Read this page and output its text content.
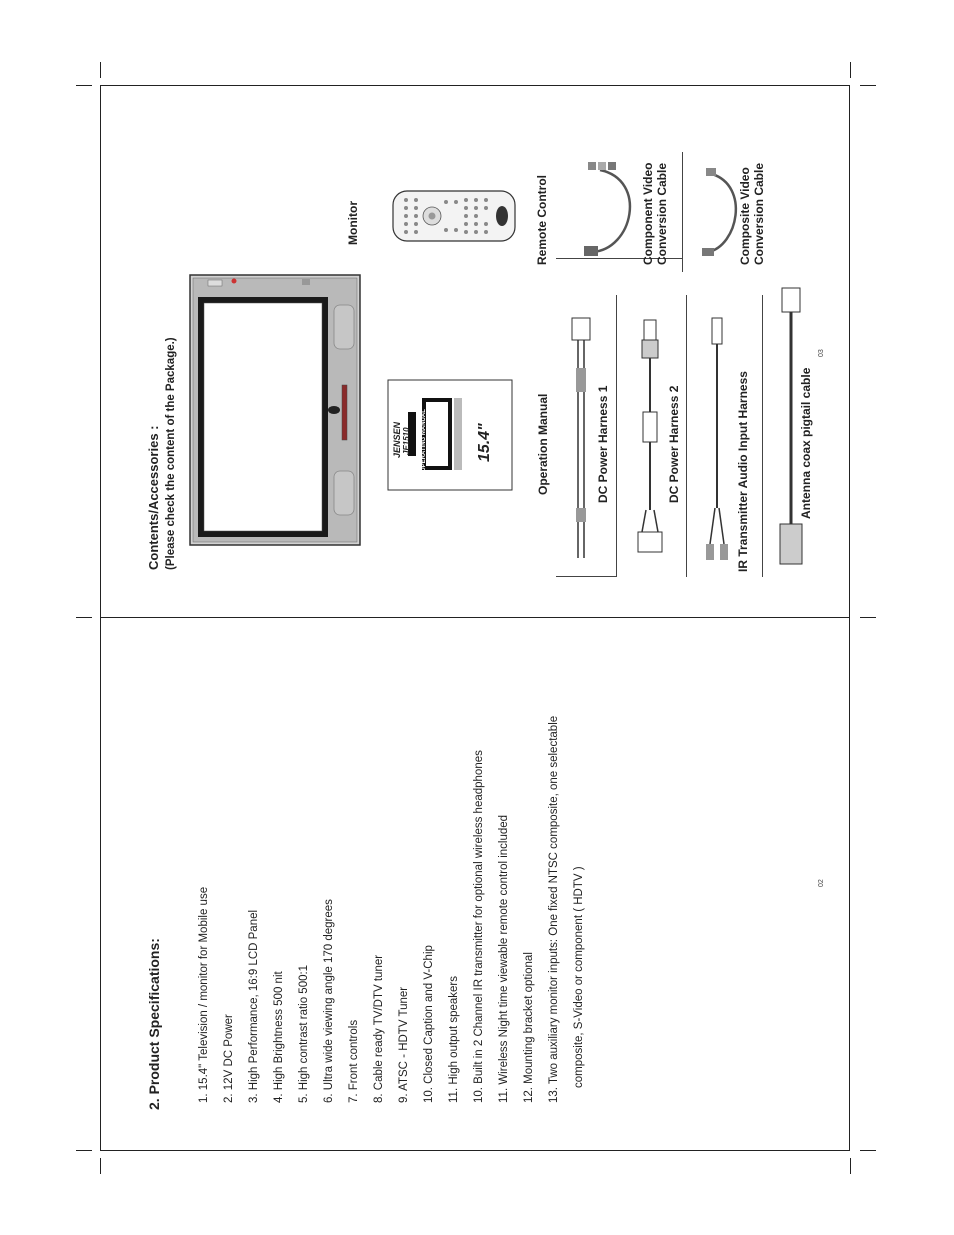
2. Product Specifications:	1. 15.4" Television / monitor for Mobile use 2. 12V DC Power 3. High Performance, 16:9 LCD Panel 4. High Brightness 500 nit 5. High contrast ratio 500:1 6. Ultra wide viewing angle 170 degrees 7. Front controls 8. Cable ready TV/DTV tuner 9. ATSC - HDTV Tuner 10. Closed Caption and V-Chip 11. High output speakers 10. Built in 2 Channel IR transmitter for optional wireless headphones 11. Wireless Night time viewable remote control included 12. Mounting bracket optional 13. Two auxiliary monitor inputs: One fixed NTSC composite, one selectable composite, S-Video or component ( HDTV )	02
Contents/Accessories : (Please check the content of the Package.)
Monitor	Remote Control
JENSEN JE1510 OPERATING MANUAL	15.4"	Operation Manual
Component Video Conversion Cable	Composite Video Conversion Cable
DC Power Harness 1	DC Power Harness 2	IR Transmitter Audio Input Harness	Antenna coax pigtail cable
03
